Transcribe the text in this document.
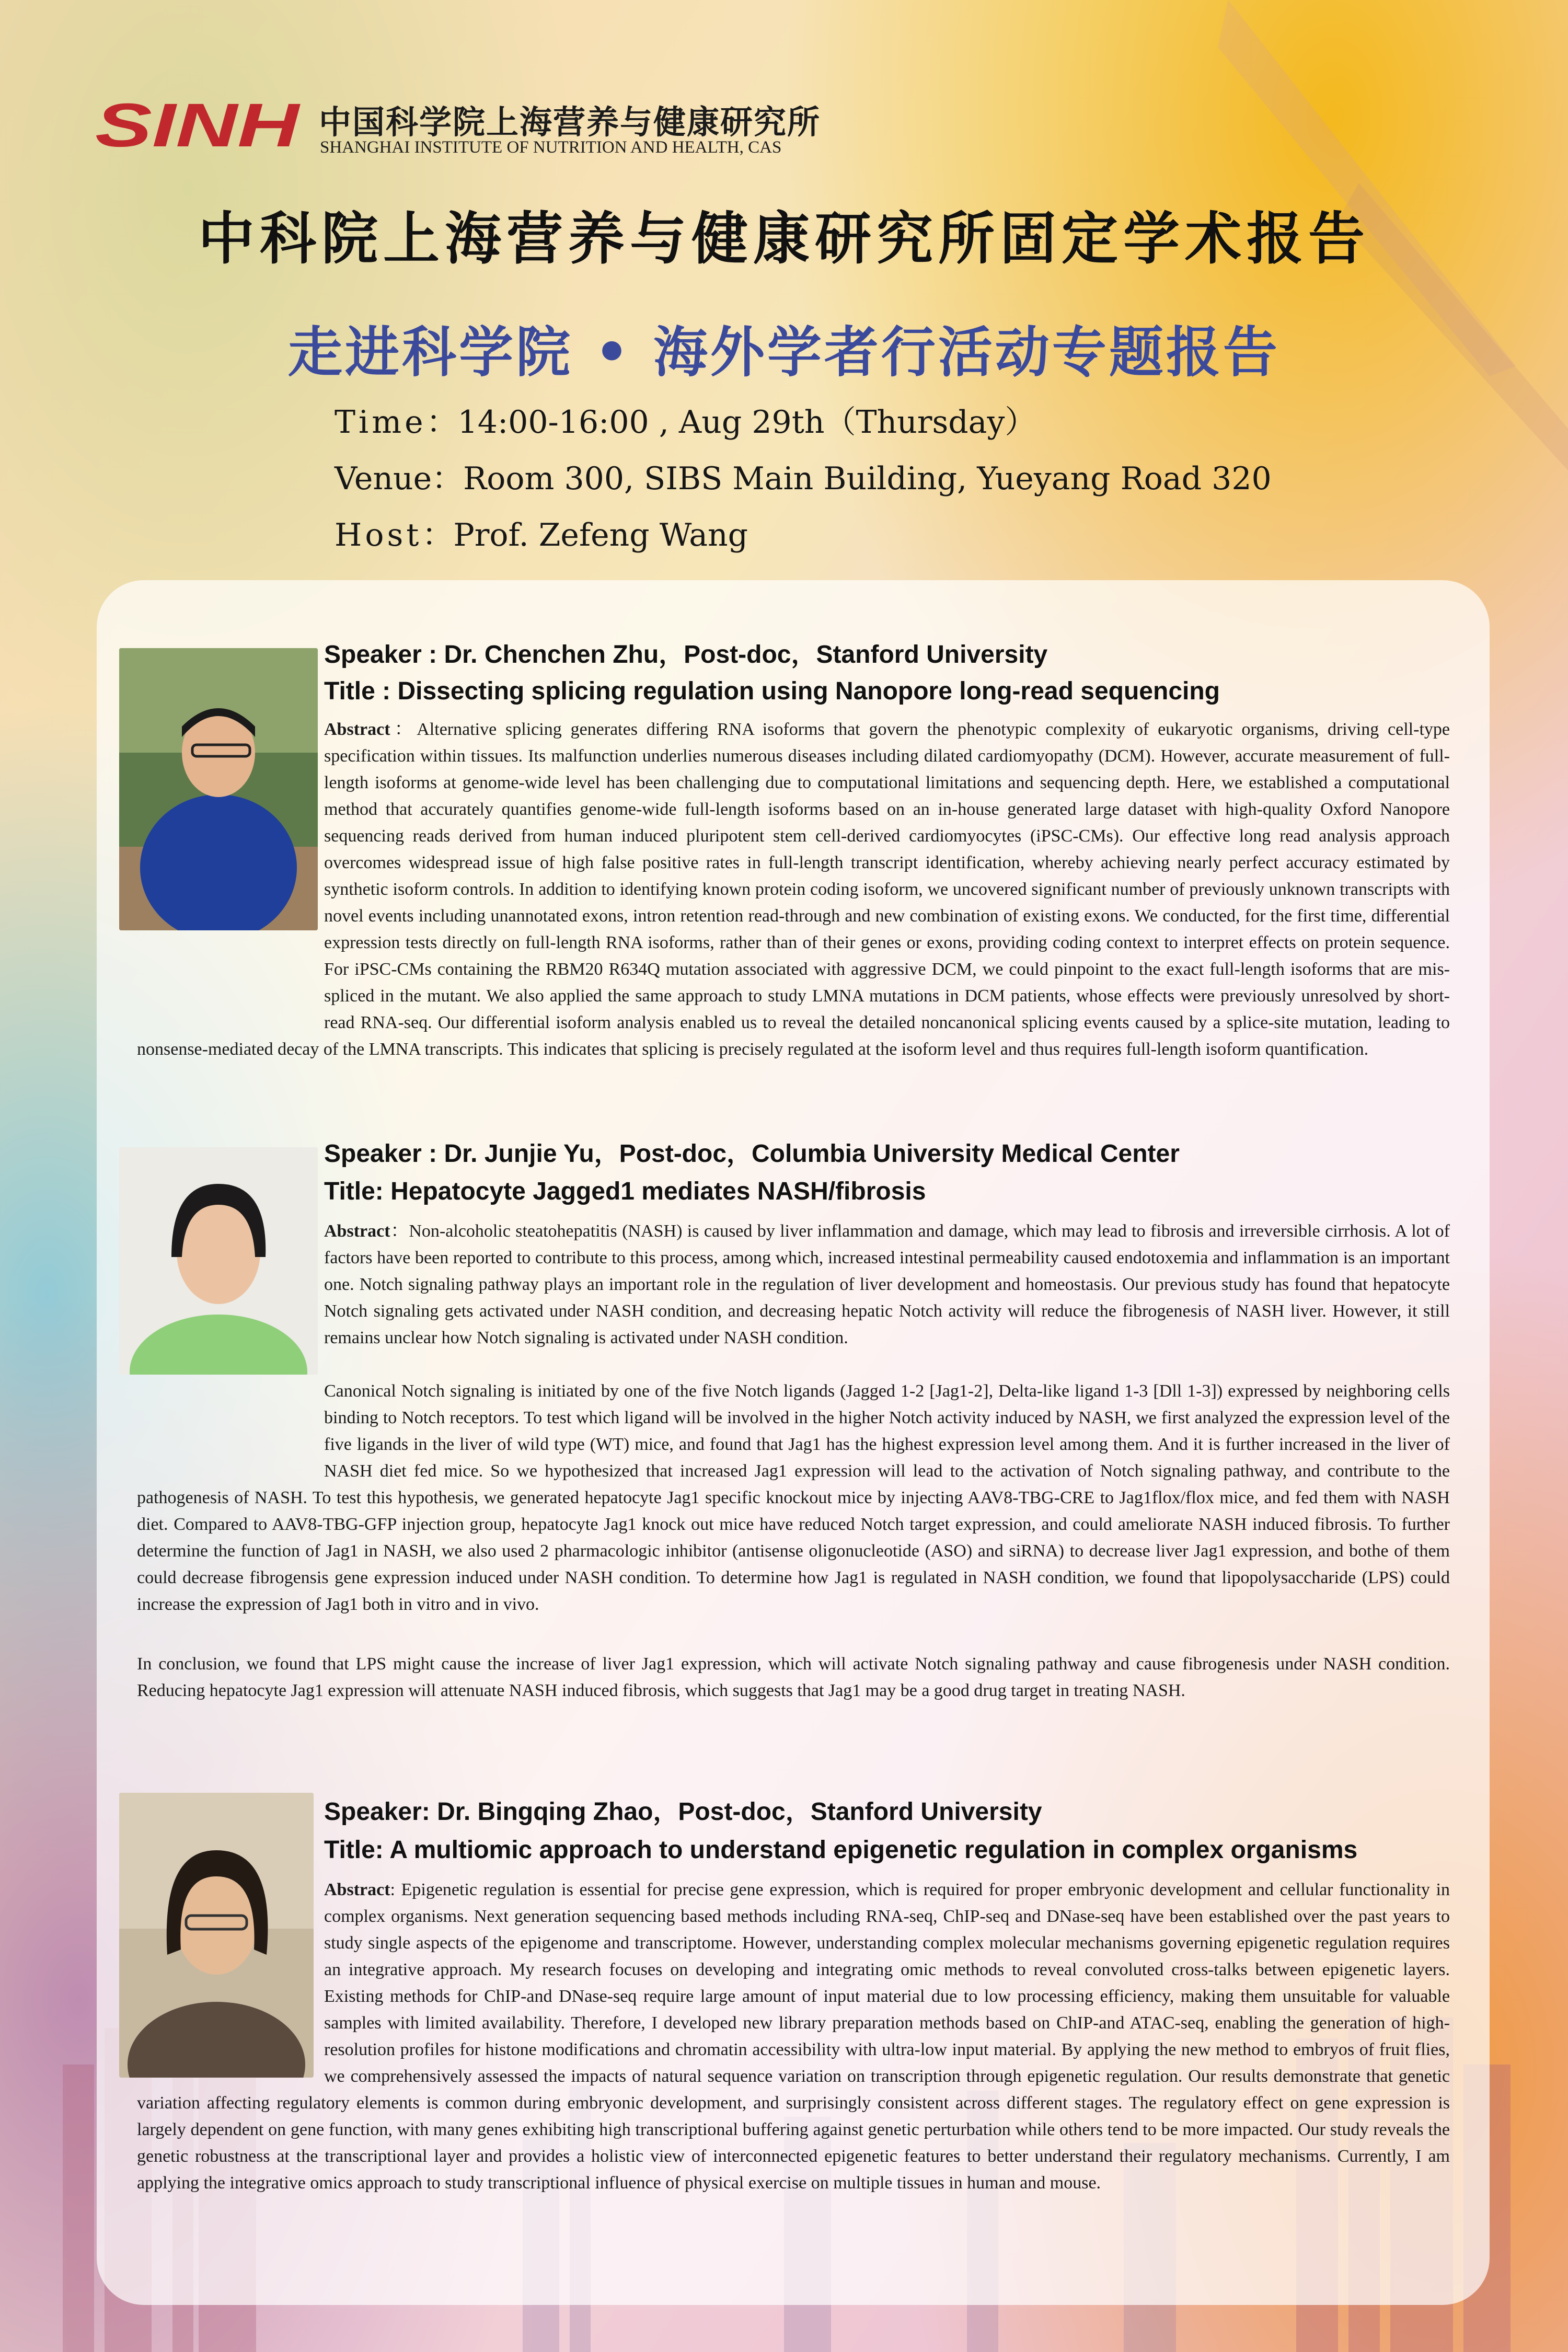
SINH 中国科学院上海营养与健康研究所
SHANGHAI INSTITUTE OF NUTRITION AND HEALTH, CAS
中科院上海营养与健康研究所固定学术报告
走进科学院 • 海外学者行活动专题报告
Time：14:00-16:00 , Aug 29th（Thursday）
Venue：Room 300, SIBS Main Building, Yueyang Road 320
Host：Prof. Zefeng Wang
Speaker : Dr. Chenchen Zhu，Post-doc，Stanford University
Title : Dissecting splicing regulation using Nanopore long-read sequencing

Abstract：Alternative splicing generates differing RNA isoforms that govern the phenotypic complexity of eukaryotic organisms, driving cell-type specification within tissues. Its malfunction underlies numerous diseases including dilated cardiomyopathy (DCM). However, accurate measurement of full-length isoforms at genome-wide level has been challenging due to computational limitations and sequencing depth. Here, we established a computational method that accurately quantifies genome-wide full-length isoforms based on an in-house generated large dataset with high-quality Oxford Nanopore sequencing reads derived from human induced pluripotent stem cell-derived cardiomyocytes (iPSC-CMs). Our effective long read analysis approach overcomes widespread issue of high false positive rates in full-length transcript identification, whereby achieving nearly perfect accuracy estimated by synthetic isoform controls. In addition to identifying known protein coding isoform, we uncovered significant number of previously unknown transcripts with novel events including unannotated exons, intron retention read-through and new combination of existing exons. We conducted, for the first time, differential expression tests directly on full-length RNA isoforms, rather than of their genes or exons, providing coding context to interpret effects on protein sequence. For iPSC-CMs containing the RBM20 R634Q mutation associated with aggressive DCM, we could pinpoint to the exact full-length isoforms that are mis-spliced in the mutant. We also applied the same approach to study LMNA mutations in DCM patients, whose effects were previously unresolved by short-read RNA-seq. Our differential isoform analysis enabled us to reveal the detailed noncanonical splicing events caused by a splice-site mutation, leading to nonsense-mediated decay of the LMNA transcripts. This indicates that splicing is precisely regulated at the isoform level and thus requires full-length isoform quantification.

Speaker : Dr. Junjie Yu，Post-doc，Columbia University Medical Center
Title: Hepatocyte Jagged1 mediates NASH/fibrosis

Abstract：Non-alcoholic steatohepatitis (NASH) is caused by liver inflammation and damage, which may lead to fibrosis and irreversible cirrhosis. A lot of factors have been reported to contribute to this process, among which, increased intestinal permeability caused endotoxemia and inflammation is an important one. Notch signaling pathway plays an important role in the regulation of liver development and homeostasis. Our previous study has found that hepatocyte Notch signaling gets activated under NASH condition, and decreasing hepatic Notch activity will reduce the fibrogenesis of NASH liver. However, it still remains unclear how Notch signaling is activated under NASH condition.

Canonical Notch signaling is initiated by one of the five Notch ligands (Jagged 1-2 [Jag1-2], Delta-like ligand 1-3 [Dll 1-3]) expressed by neighboring cells binding to Notch receptors. To test which ligand will be involved in the higher Notch activity induced by NASH, we first analyzed the expression level of the five ligands in the liver of wild type (WT) mice, and found that Jag1 has the highest expression level among them. And it is further increased in the liver of NASH diet fed mice. So we hypothesized that increased Jag1 expression will lead to the activation of Notch signaling pathway, and contribute to the pathogenesis of NASH. To test this hypothesis, we generated hepatocyte Jag1 specific knockout mice by injecting AAV8-TBG-CRE to Jag1flox/flox mice, and fed them with NASH diet. Compared to AAV8-TBG-GFP injection group, hepatocyte Jag1 knock out mice have reduced Notch target expression, and could ameliorate NASH induced fibrosis. To further determine the function of Jag1 in NASH, we also used 2 pharmacologic inhibitor (antisense oligonucleotide (ASO) and siRNA) to decrease liver Jag1 expression, and bothe of them could decrease fibrogensis gene expression induced under NASH condition. To determine how Jag1 is regulated in NASH condition, we found that lipopolysaccharide (LPS) could increase the expression of Jag1 both in vitro and in vivo.

In conclusion, we found that LPS might cause the increase of liver Jag1 expression, which will activate Notch signaling pathway and cause fibrogenesis under NASH condition. Reducing hepatocyte Jag1 expression will attenuate NASH induced fibrosis, which suggests that Jag1 may be a good drug target in treating NASH.

Speaker: Dr. Bingqing Zhao，Post-doc，Stanford University
Title: A multiomic approach to understand epigenetic regulation in complex organisms

Abstract: Epigenetic regulation is essential for precise gene expression, which is required for proper embryonic development and cellular functionality in complex organisms. Next generation sequencing based methods including RNA-seq, ChIP-seq and DNase-seq have been established over the past years to study single aspects of the epigenome and transcriptome. However, understanding complex molecular mechanisms governing epigenetic regulation requires an integrative approach. My research focuses on developing and integrating omic methods to reveal convoluted cross-talks between epigenetic layers. Existing methods for ChIP-and DNase-seq require large amount of input material due to low processing efficiency, making them unsuitable for valuable samples with limited availability. Therefore, I developed new library preparation methods based on ChIP-and ATAC-seq, enabling the generation of high-resolution profiles for histone modifications and chromatin accessibility with ultra-low input material. By applying the new method to embryos of fruit flies, we comprehensively assessed the impacts of natural sequence variation on transcription through epigenetic regulation. Our results demonstrate that genetic variation affecting regulatory elements is common during embryonic development, and surprisingly consistent across different stages. The regulatory effect on gene expression is largely dependent on gene function, with many genes exhibiting high transcriptional buffering against genetic perturbation while others tend to be more impacted. Our study reveals the genetic robustness at the transcriptional layer and provides a holistic view of interconnected epigenetic features to better understand their regulatory mechanisms. Currently, I am applying the integrative omics approach to study transcriptional influence of physical exercise on multiple tissues in human and mouse.
